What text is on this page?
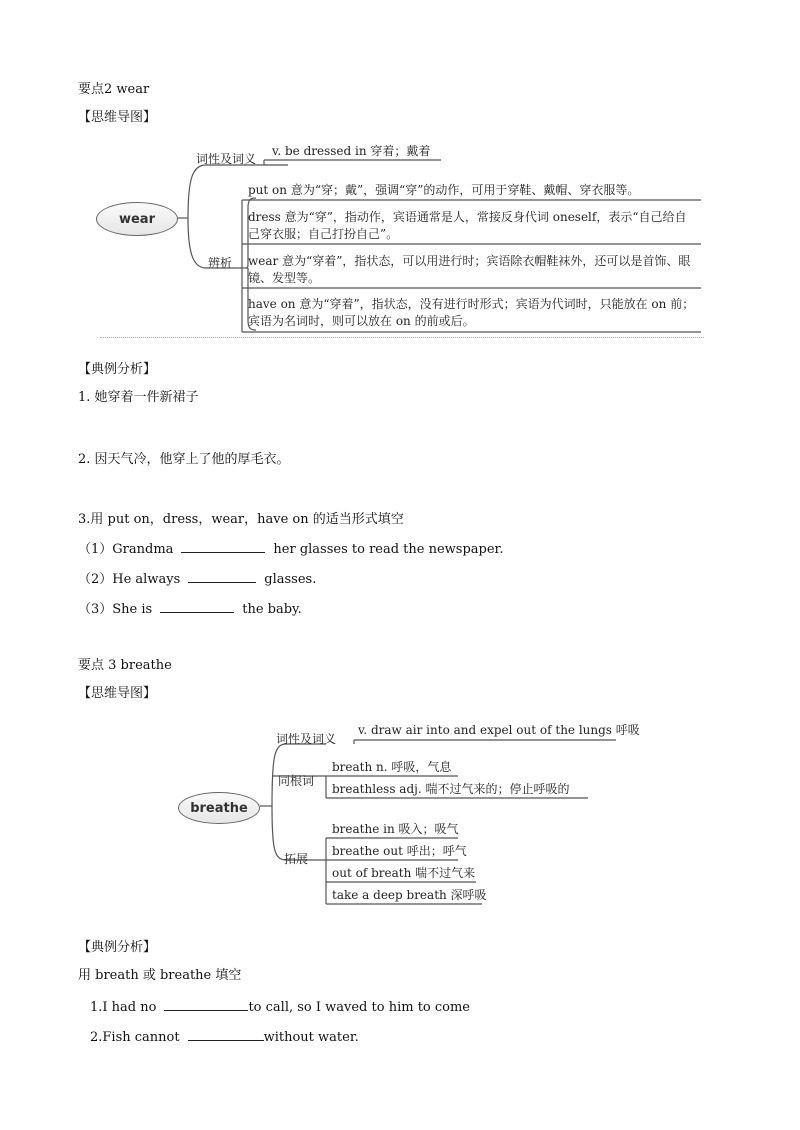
要点2 wear
【思维导图】
wear
词性及词义
v. be dressed in 穿着；戴着
辨析
put on 意为“穿；戴”，强调“穿”的动作，可用于穿鞋、戴帽、穿衣服等。
dress 意为“穿”，指动作，宾语通常是人，常接反身代词 oneself，表示“自己给自己穿衣服；自己打扮自己”。
wear 意为“穿着”，指状态，可以用进行时；宾语除衣帽鞋袜外，还可以是首饰、眼镜、发型等。
have on 意为“穿着”，指状态，没有进行时形式；宾语为代词时，只能放在 on 前；宾语为名词时，则可以放在 on 的前或后。
【典例分析】
1. 她穿着一件新裙子
2. 因天气冷，他穿上了他的厚毛衣。
3.用 put on，dress，wear，have on 的适当形式填空
（1）Grandma	her glasses to read the newspaper.
（2）He always	glasses.
（3）She is	the baby.
要点 3 breathe
【思维导图】
breathe
词性及词义
v. draw air into and expel out of the lungs 呼吸
同根词
breath n. 呼吸，气息
breathless adj. 喘不过气来的；停止呼吸的
拓展
breathe in 吸入；吸气
breathe out 呼出；呼气
out of breath 喘不过气来
take a deep breath 深呼吸
【典例分析】
用 breath 或 breathe 填空
1.I had no	to call, so I waved to him to come
2.Fish cannot	without water.
